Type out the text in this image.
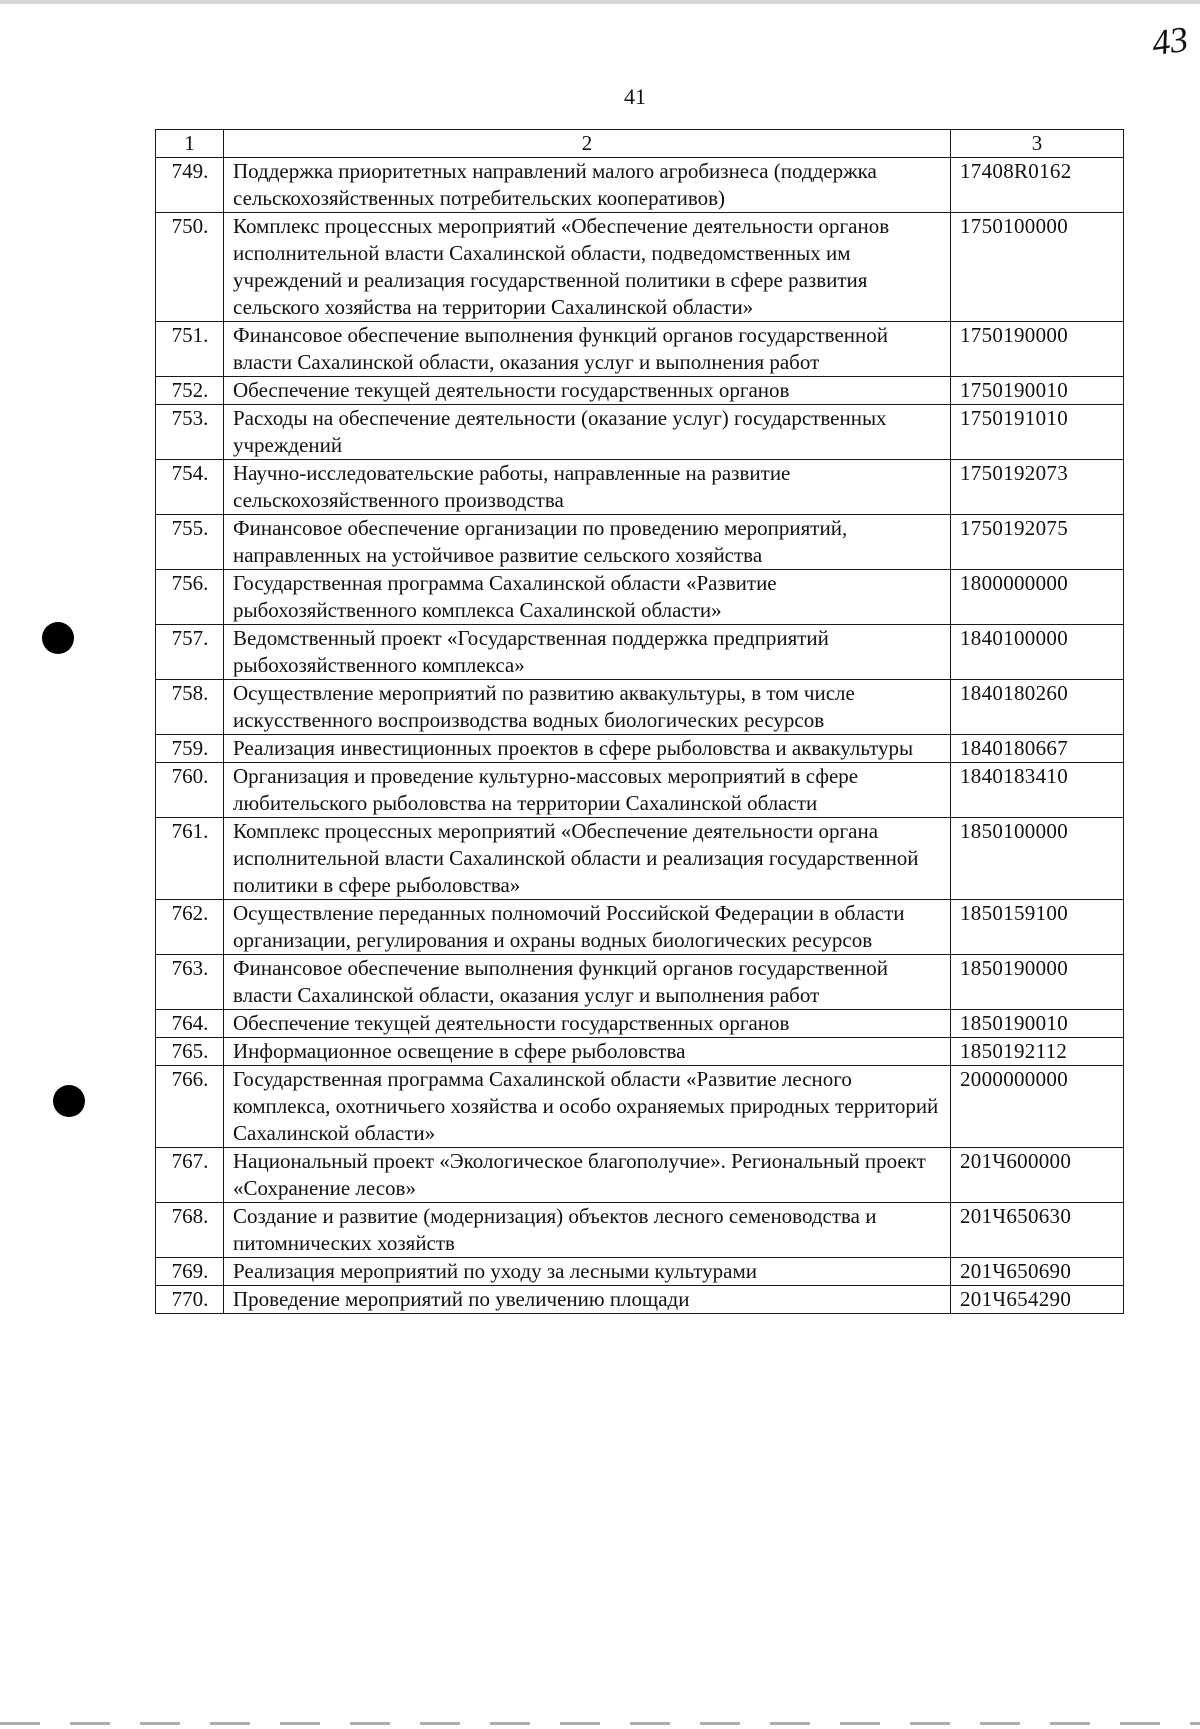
43
41
1	2	3
749.	Поддержка приоритетных направлений малого агробизнеса (поддержка сельскохозяйственных потребительских кооперативов)	17408R0162
750.	Комплекс процессных мероприятий «Обеспечение деятельности органов исполнительной власти Сахалинской области, подведомственных им учреждений и реализация государственной политики в сфере развития сельского хозяйства на территории Сахалинской области»	1750100000
751.	Финансовое обеспечение выполнения функций органов государственной власти Сахалинской области, оказания услуг и выполнения работ	1750190000
752.	Обеспечение текущей деятельности государственных органов	1750190010
753.	Расходы на обеспечение деятельности (оказание услуг) государственных учреждений	1750191010
754.	Научно-исследовательские работы, направленные на развитие сельскохозяйственного производства	1750192073
755.	Финансовое обеспечение организации по проведению мероприятий, направленных на устойчивое развитие сельского хозяйства	1750192075
756.	Государственная программа Сахалинской области «Развитие рыбохозяйственного комплекса Сахалинской области»	1800000000
757.	Ведомственный проект «Государственная поддержка предприятий рыбохозяйственного комплекса»	1840100000
758.	Осуществление мероприятий по развитию аквакультуры, в том числе искусственного воспроизводства водных биологических ресурсов	1840180260
759.	Реализация инвестиционных проектов в сфере рыболовства и аквакультуры	1840180667
760.	Организация и проведение культурно-массовых мероприятий в сфере любительского рыболовства на территории Сахалинской области	1840183410
761.	Комплекс процессных мероприятий «Обеспечение деятельности органа исполнительной власти Сахалинской области и реализация государственной политики в сфере рыболовства»	1850100000
762.	Осуществление переданных полномочий Российской Федерации в области организации, регулирования и охраны водных биологических ресурсов	1850159100
763.	Финансовое обеспечение выполнения функций органов государственной власти Сахалинской области, оказания услуг и выполнения работ	1850190000
764.	Обеспечение текущей деятельности государственных органов	1850190010
765.	Информационное освещение в сфере рыболовства	1850192112
766.	Государственная программа Сахалинской области «Развитие лесного комплекса, охотничьего хозяйства и особо охраняемых природных территорий Сахалинской области»	2000000000
767.	Национальный проект «Экологическое благополучие». Региональный проект «Сохранение лесов»	201Ч600000
768.	Создание и развитие (модернизация) объектов лесного семеноводства и питомнических хозяйств	201Ч650630
769.	Реализация мероприятий по уходу за лесными культурами	201Ч650690
770.	Проведение мероприятий по увеличению площади	201Ч654290
